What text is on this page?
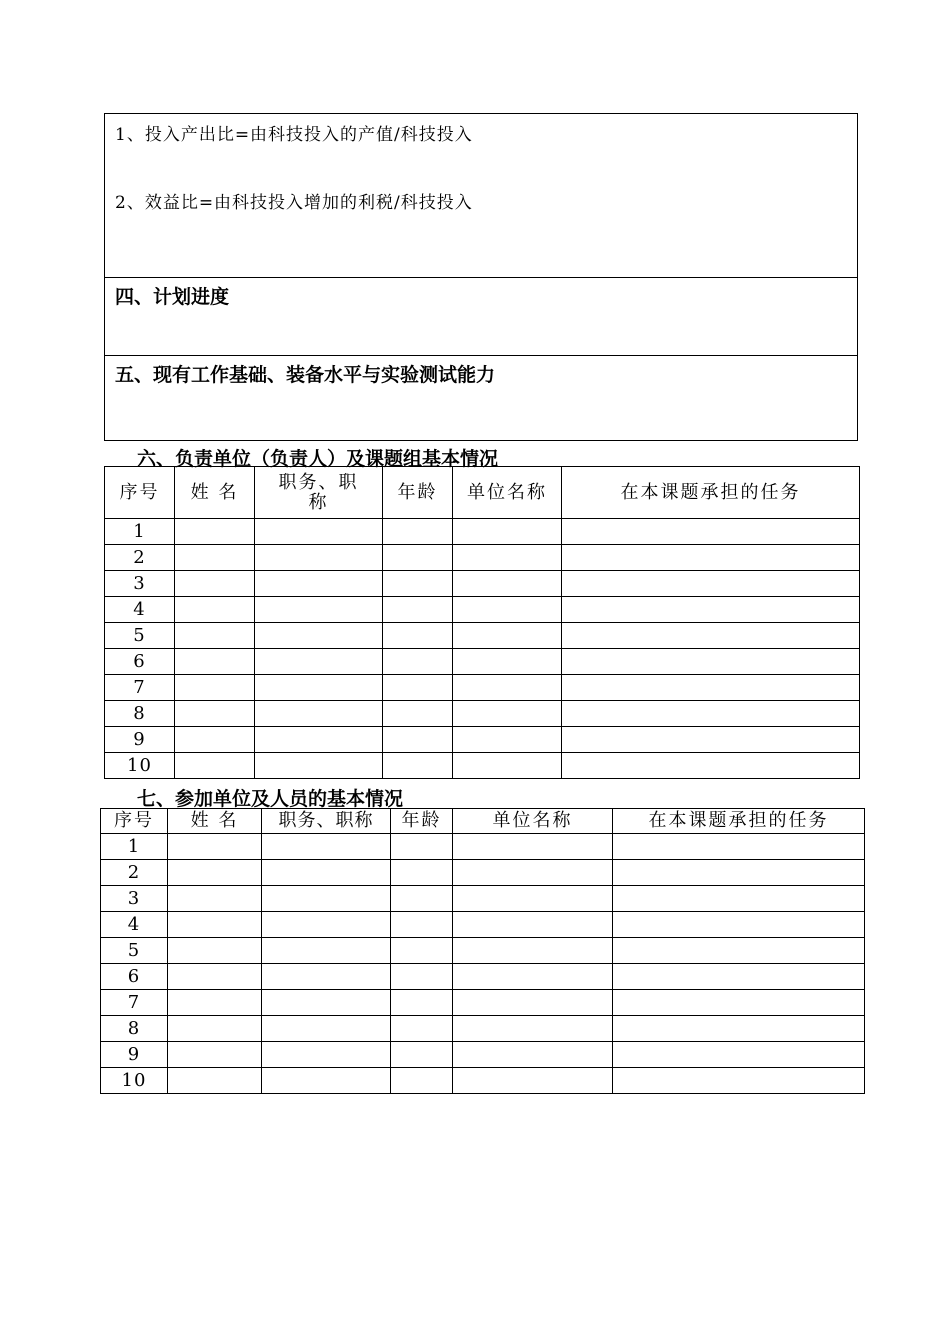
1、投入产出比=由科技投入的产值/科技投入
2、效益比=由科技投入增加的利税/科技投入
四、计划进度
五、现有工作基础、装备水平与实验测试能力
六、负责单位（负责人）及课题组基本情况
序号	姓 名	职务、职称	年龄	单位名称	在本课题承担的任务
1					
2					
3					
4					
5					
6					
7					
8					
9					
10					
七、参加单位及人员的基本情况
序号	姓 名	职务、职称	年龄	单位名称	在本课题承担的任务
1					
2					
3					
4					
5					
6					
7					
8					
9					
10					
